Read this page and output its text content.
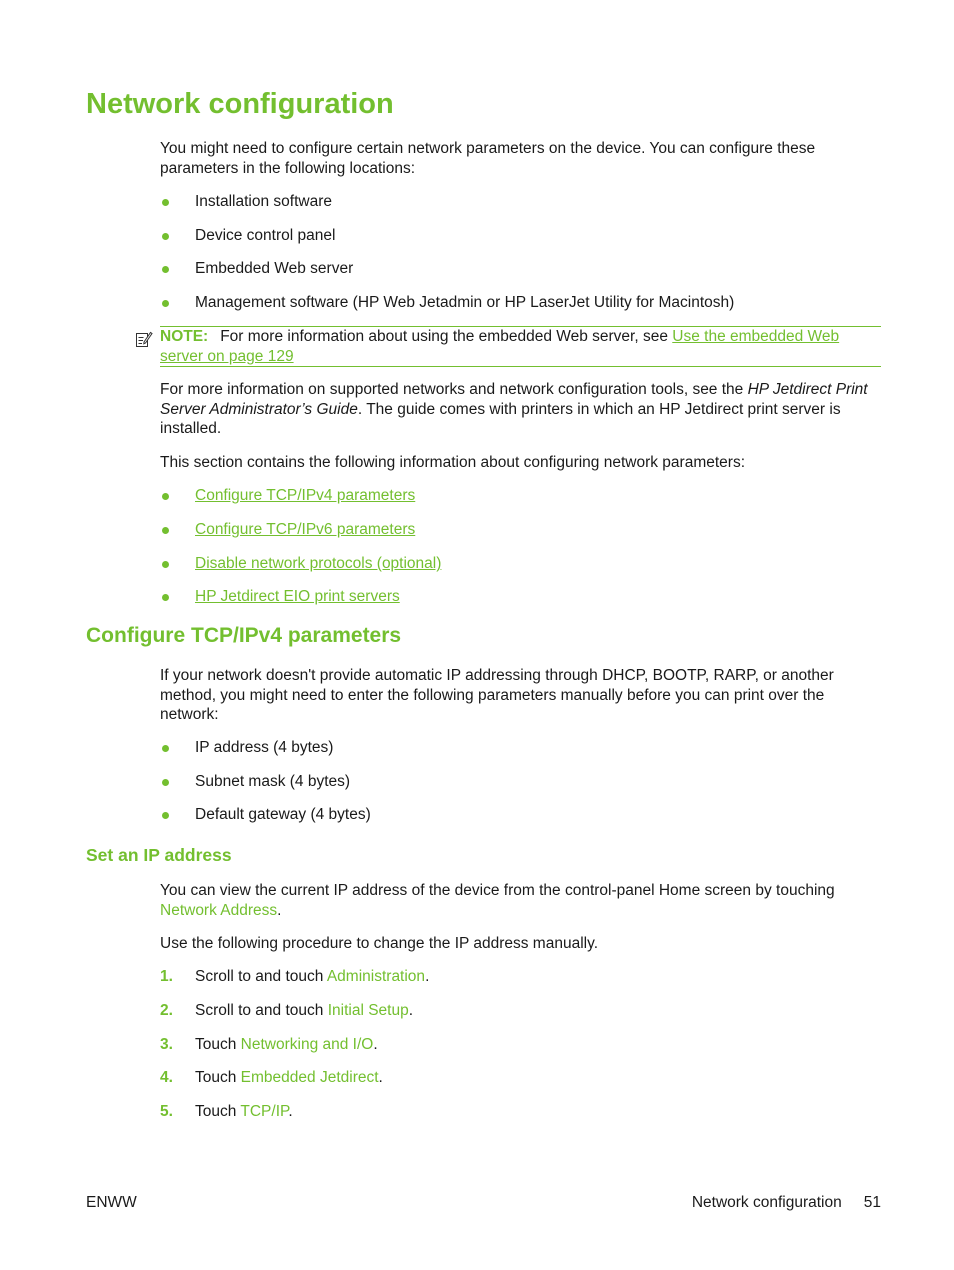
Network configuration

You might need to configure certain network parameters on the device. You can configure these parameters in the following locations:

Installation software
Device control panel
Embedded Web server
Management software (HP Web Jetadmin or HP LaserJet Utility for Macintosh)
NOTE: For more information about using the embedded Web server, see Use the embedded Web server on page 129

For more information on supported networks and network configuration tools, see the HP Jetdirect Print Server Administrator’s Guide. The guide comes with printers in which an HP Jetdirect print server is installed.

This section contains the following information about configuring network parameters:

Configure TCP/IPv4 parameters
Configure TCP/IPv6 parameters
Disable network protocols (optional)
HP Jetdirect EIO print servers
Configure TCP/IPv4 parameters

If your network doesn't provide automatic IP addressing through DHCP, BOOTP, RARP, or another method, you might need to enter the following parameters manually before you can print over the network:

IP address (4 bytes)
Subnet mask (4 bytes)
Default gateway (4 bytes)
Set an IP address

You can view the current IP address of the device from the control-panel Home screen by touching Network Address.

Use the following procedure to change the IP address manually.

1. Scroll to and touch Administration.
2. Scroll to and touch Initial Setup.
3. Touch Networking and I/O.
4. Touch Embedded Jetdirect.
5. Touch TCP/IP.
ENWW	Network configuration 51
